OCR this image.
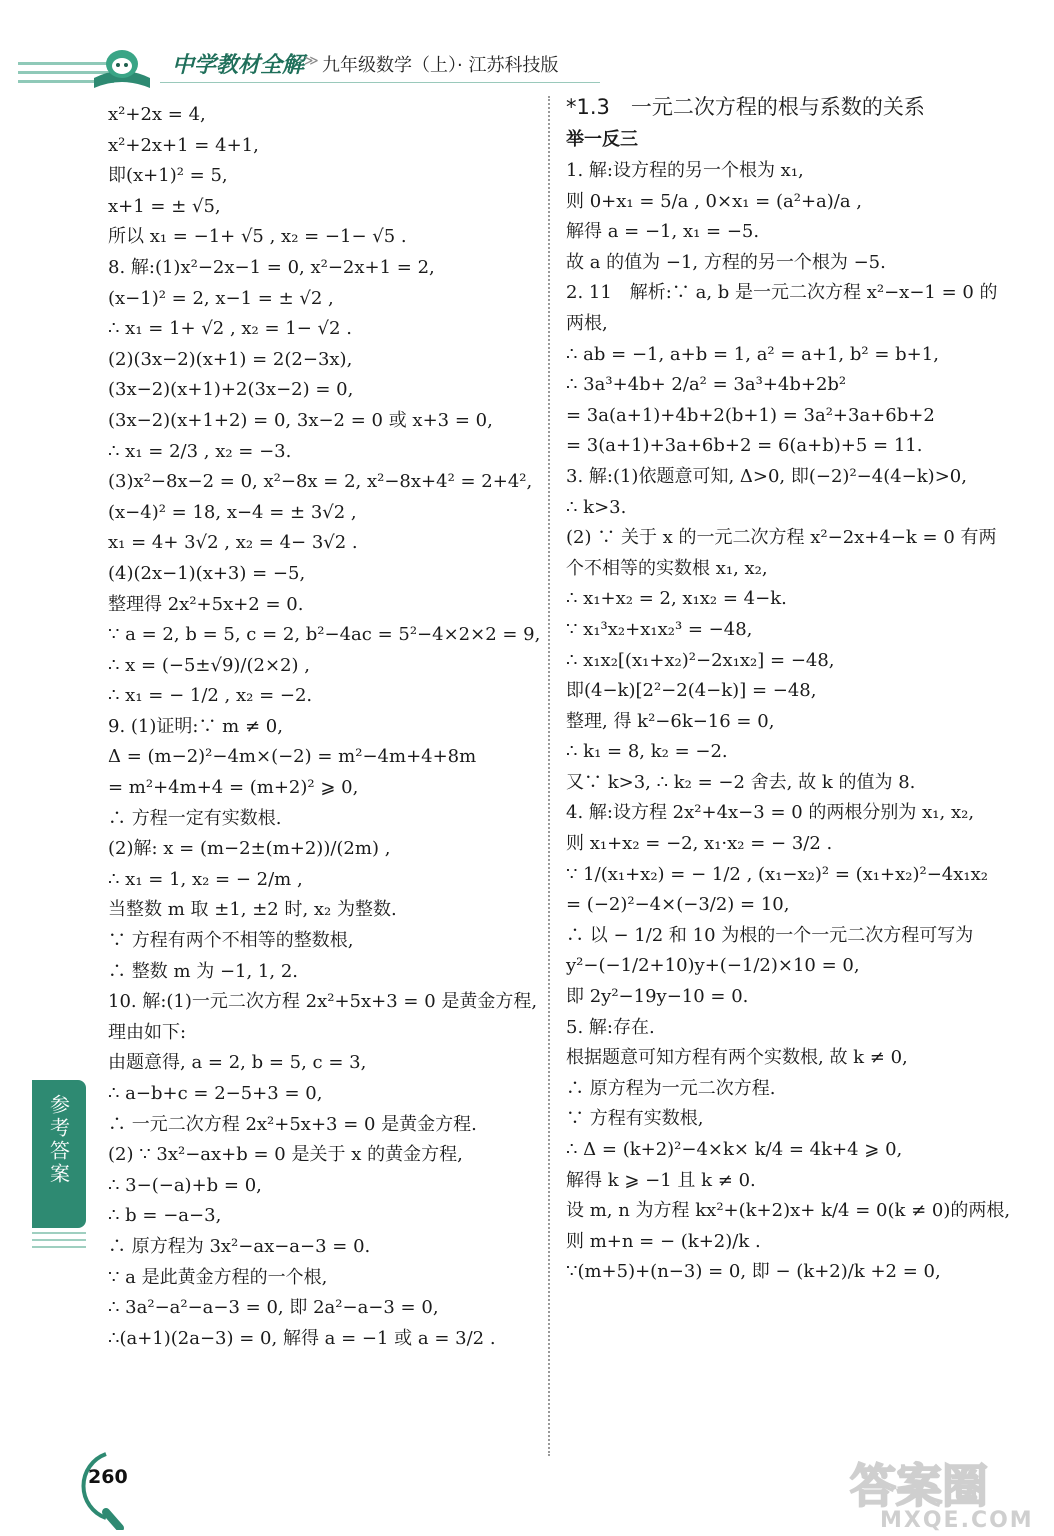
中学教材全解 ≫ 九年级数学（上）· 江苏科技版
x²+2x = 4,
x²+2x+1 = 4+1,
即(x+1)² = 5,
x+1 = ± √5,
所以 x₁ = −1+ √5 , x₂ = −1− √5 .
8. 解:(1)x²−2x−1 = 0, x²−2x+1 = 2,
(x−1)² = 2, x−1 = ± √2 ,
∴ x₁ = 1+ √2 , x₂ = 1− √2 .
(2)(3x−2)(x+1) = 2(2−3x),
(3x−2)(x+1)+2(3x−2) = 0,
(3x−2)(x+1+2) = 0, 3x−2 = 0 或 x+3 = 0,
∴ x₁ = 2/3 , x₂ = −3.
(3)x²−8x−2 = 0, x²−8x = 2, x²−8x+4² = 2+4²,
(x−4)² = 18, x−4 = ± 3√2 ,
x₁ = 4+ 3√2 , x₂ = 4− 3√2 .
(4)(2x−1)(x+3) = −5,
整理得 2x²+5x+2 = 0.
∵ a = 2, b = 5, c = 2, b²−4ac = 5²−4×2×2 = 9,
∴ x = (−5±√9)/(2×2) ,
∴ x₁ = − 1/2 , x₂ = −2.
9. (1)证明:∵ m ≠ 0,
Δ = (m−2)²−4m×(−2) = m²−4m+4+8m
= m²+4m+4 = (m+2)² ⩾ 0,
∴ 方程一定有实数根.
(2)解: x = (m−2±(m+2))/(2m) ,
∴ x₁ = 1, x₂ = − 2/m ,
当整数 m 取 ±1, ±2 时, x₂ 为整数.
∵ 方程有两个不相等的整数根,
∴ 整数 m 为 −1, 1, 2.
10. 解:(1)一元二次方程 2x²+5x+3 = 0 是黄金方程,
理由如下:
由题意得, a = 2, b = 5, c = 3,
∴ a−b+c = 2−5+3 = 0,
∴ 一元二次方程 2x²+5x+3 = 0 是黄金方程.
(2) ∵ 3x²−ax+b = 0 是关于 x 的黄金方程,
∴ 3−(−a)+b = 0,
∴ b = −a−3,
∴ 原方程为 3x²−ax−a−3 = 0.
∵ a 是此黄金方程的一个根,
∴ 3a²−a²−a−3 = 0, 即 2a²−a−3 = 0,
∴(a+1)(2a−3) = 0, 解得 a = −1 或 a = 3/2 .
*1.3　一元二次方程的根与系数的关系
举一反三
1. 解:设方程的另一个根为 x₁,
则 0+x₁ = 5/a , 0×x₁ = (a²+a)/a ,
解得 a = −1, x₁ = −5.
故 a 的值为 −1, 方程的另一个根为 −5.
2. 11　解析:∵ a, b 是一元二次方程 x²−x−1 = 0 的
两根,
∴ ab = −1, a+b = 1, a² = a+1, b² = b+1,
∴ 3a³+4b+ 2/a² = 3a³+4b+2b²
= 3a(a+1)+4b+2(b+1) = 3a²+3a+6b+2
= 3(a+1)+3a+6b+2 = 6(a+b)+5 = 11.
3. 解:(1)依题意可知, Δ>0, 即(−2)²−4(4−k)>0,
∴ k>3.
(2) ∵ 关于 x 的一元二次方程 x²−2x+4−k = 0 有两
个不相等的实数根 x₁, x₂,
∴ x₁+x₂ = 2, x₁x₂ = 4−k.
∵ x₁³x₂+x₁x₂³ = −48,
∴ x₁x₂[(x₁+x₂)²−2x₁x₂] = −48,
即(4−k)[2²−2(4−k)] = −48,
整理, 得 k²−6k−16 = 0,
∴ k₁ = 8, k₂ = −2.
又∵ k>3, ∴ k₂ = −2 舍去, 故 k 的值为 8.
4. 解:设方程 2x²+4x−3 = 0 的两根分别为 x₁, x₂,
则 x₁+x₂ = −2, x₁·x₂ = − 3/2 .
∵ 1/(x₁+x₂) = − 1/2 , (x₁−x₂)² = (x₁+x₂)²−4x₁x₂
= (−2)²−4×(−3/2) = 10,
∴ 以 − 1/2 和 10 为根的一个一元二次方程可写为
y²−(−1/2+10)y+(−1/2)×10 = 0,
即 2y²−19y−10 = 0.
5. 解:存在.
根据题意可知方程有两个实数根, 故 k ≠ 0,
∴ 原方程为一元二次方程.
∵ 方程有实数根,
∴ Δ = (k+2)²−4×k× k/4 = 4k+4 ⩾ 0,
解得 k ⩾ −1 且 k ≠ 0.
设 m, n 为方程 kx²+(k+2)x+ k/4 = 0(k ≠ 0)的两根,
则 m+n = − (k+2)/k .
∵(m+5)+(n−3) = 0, 即 − (k+2)/k +2 = 0,
参考答案
260	答案圈
MXQE.COM
